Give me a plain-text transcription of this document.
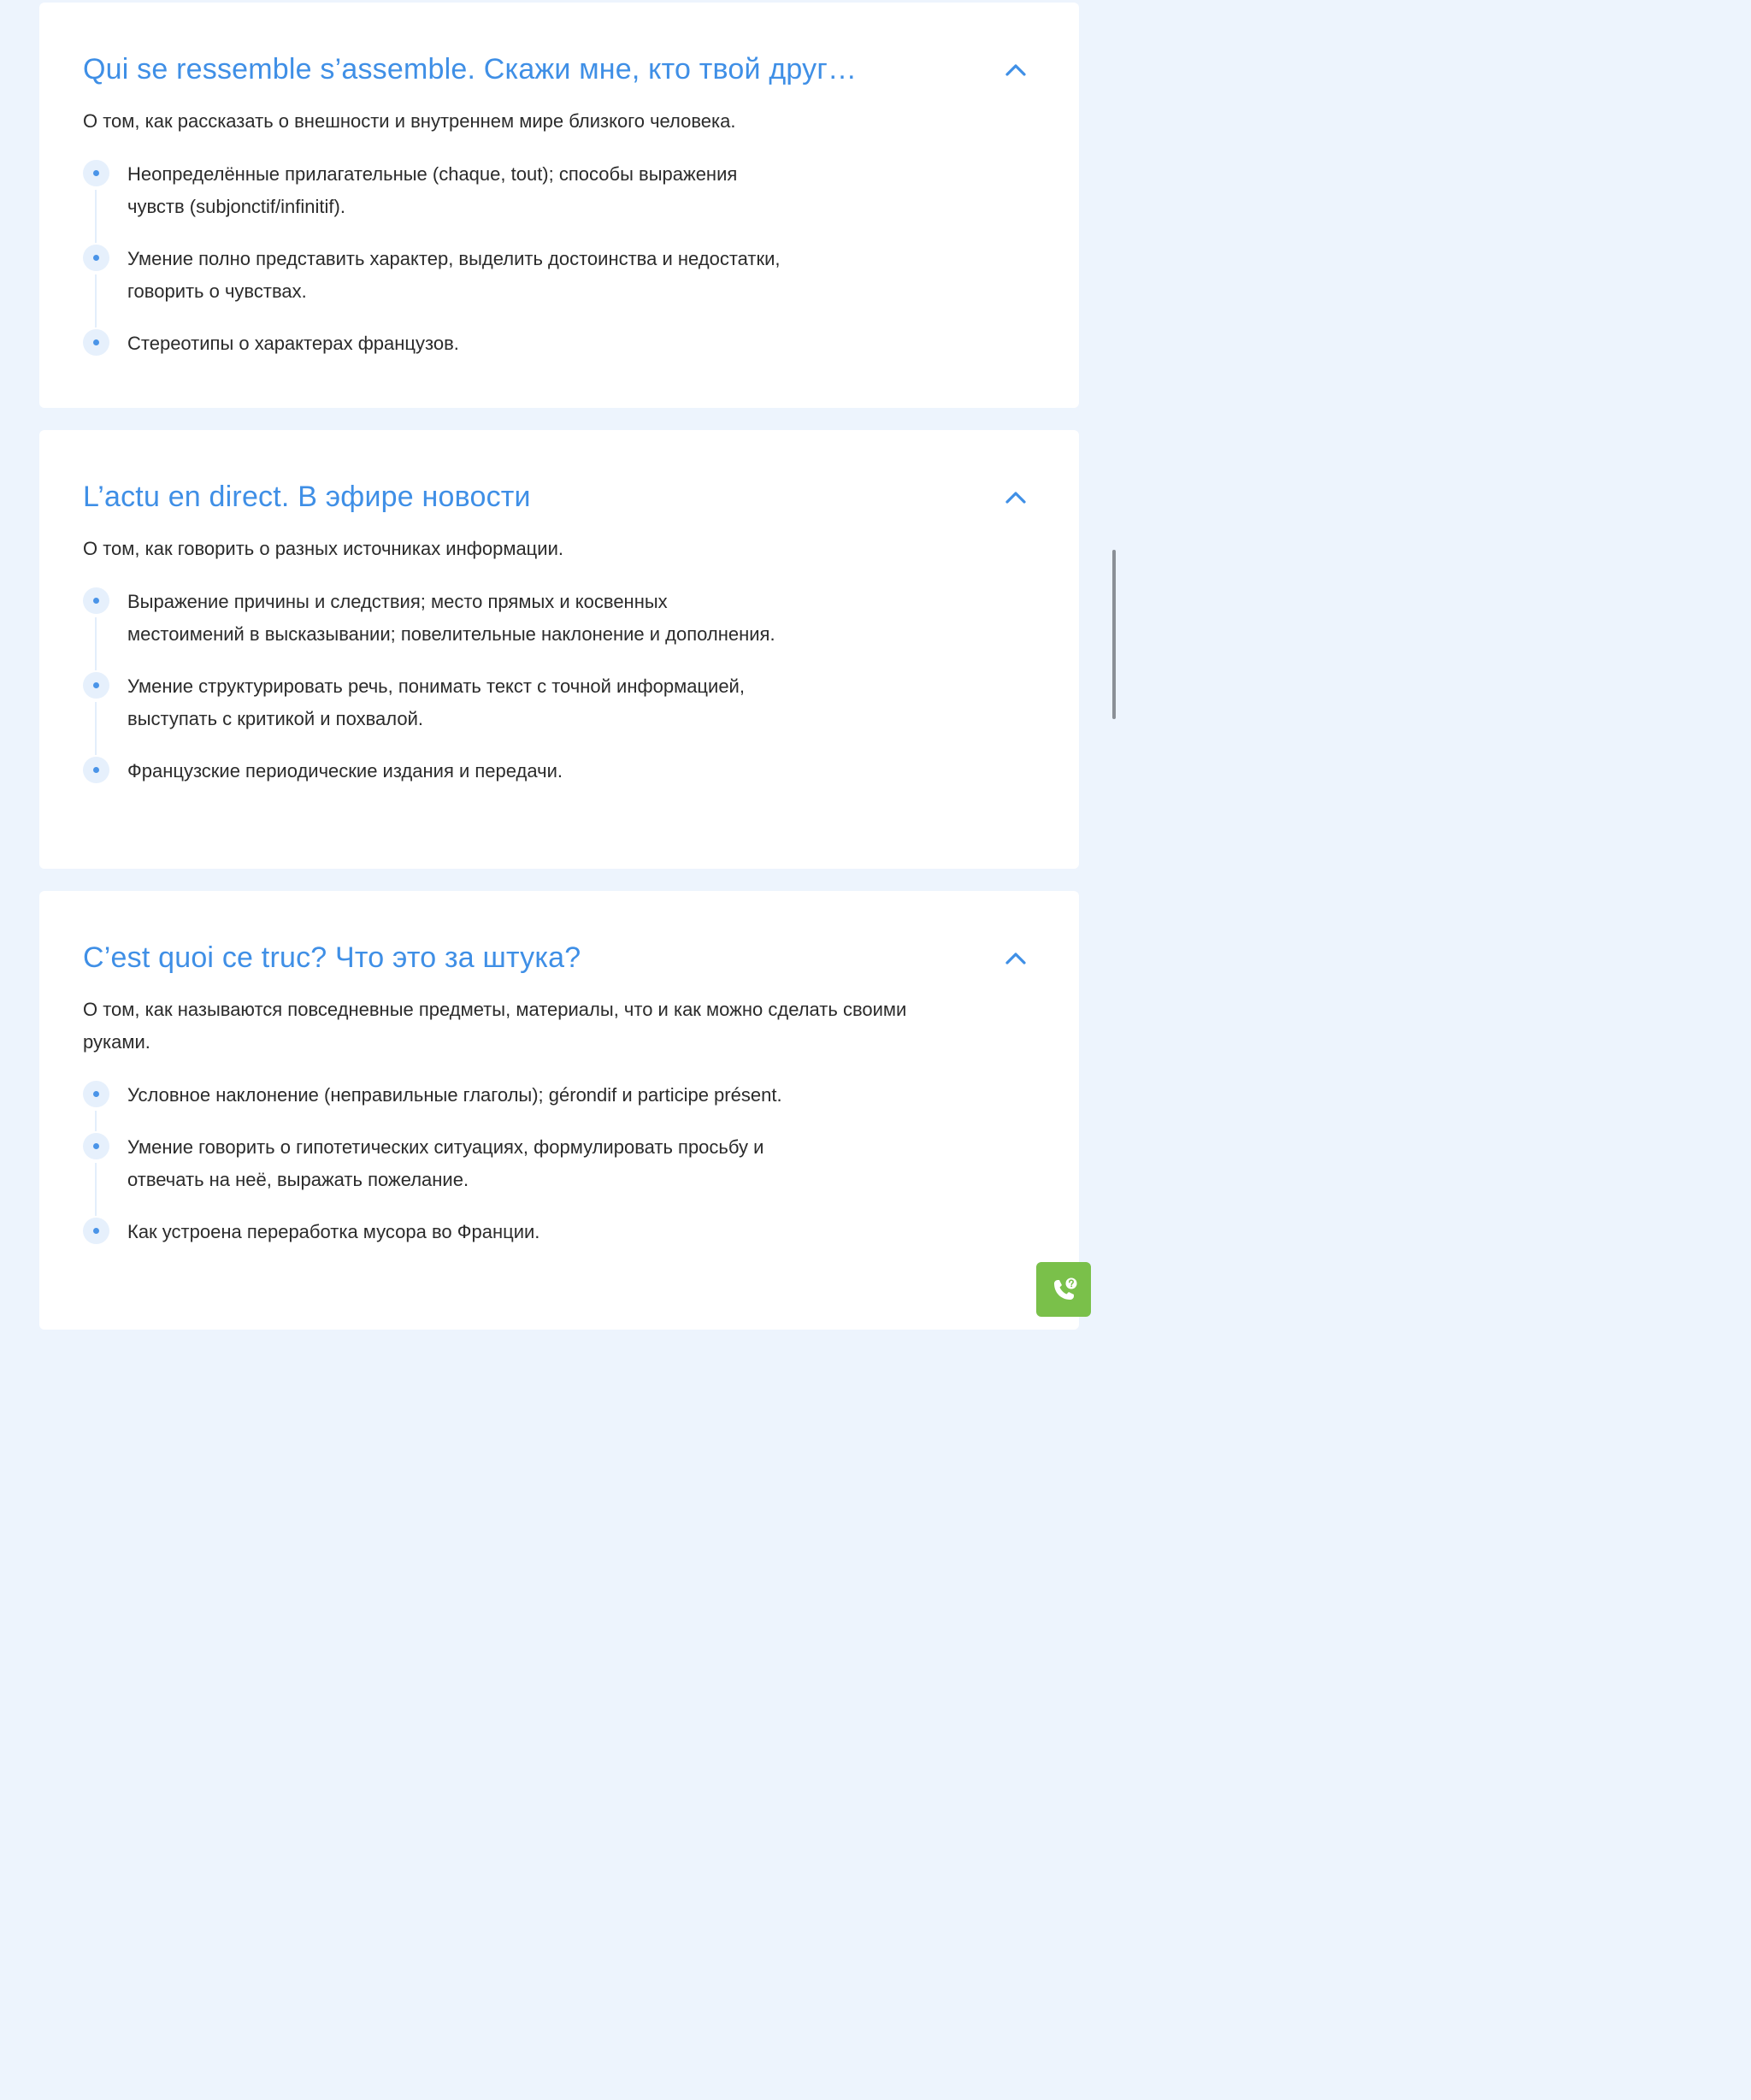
Qui se ressemble s’assemble. Скажи мне, кто твой друг…

О том, как рассказать о внешности и внутреннем мире близкого человека.

Неопределённые прилагательные (chaque, tout); способы выражения чувств (subjonctif/infinitif).
Умение полно представить характер, выделить достоинства и недостатки, говорить о чувствах.
Стереотипы о характерах французов.
L’actu en direct. В эфире новости

О том, как говорить о разных источниках информации.

Выражение причины и следствия; место прямых и косвенных местоимений в высказывании; повелительные наклонение и дополнения.
Умение структурировать речь, понимать текст с точной информацией, выступать с критикой и похвалой.
Французские периодические издания и передачи.
C’est quoi ce truc? Что это за штука?

О том, как называются повседневные предметы, материалы, что и как можно сделать своими руками.

Условное наклонение (неправильные глаголы); gérondif и participe présent.
Умение говорить о гипотетических ситуациях, формулировать просьбу и отвечать на неё, выражать пожелание.
Как устроена переработка мусора во Франции.
